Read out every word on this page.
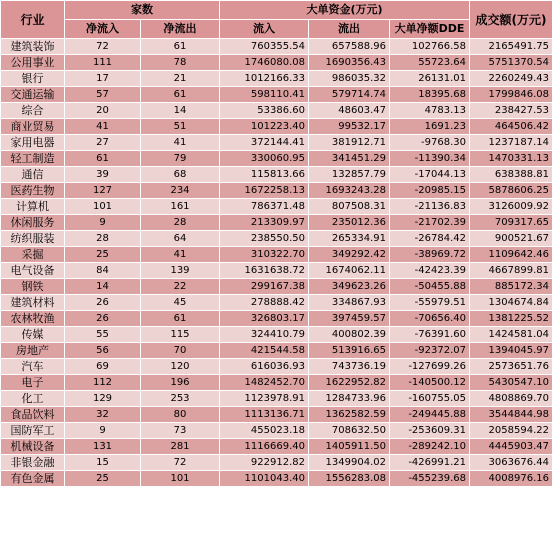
行业	家数		大单资金(万元)			成交额(万元)
	净流入	净流出	流入	流出	大单净额DDE	
建筑装饰	72	61	760355.54	657588.96	102766.58	2165491.75
公用事业	111	78	1746080.08	1690356.43	55723.64	5751370.54
银行	17	21	1012166.33	986035.32	26131.01	2260249.43
交通运输	57	61	598110.41	579714.74	18395.68	1799846.08
综合	20	14	53386.60	48603.47	4783.13	238427.53
商业贸易	41	51	101223.40	99532.17	1691.23	464506.42
家用电器	27	41	372144.41	381912.71	-9768.30	1237187.14
轻工制造	61	79	330060.95	341451.29	-11390.34	1470331.13
通信	39	68	115813.66	132857.79	-17044.13	638388.81
医药生物	127	234	1672258.13	1693243.28	-20985.15	5878606.25
计算机	101	161	786371.48	807508.31	-21136.83	3126009.92
休闲服务	9	28	213309.97	235012.36	-21702.39	709317.65
纺织服装	28	64	238550.50	265334.91	-26784.42	900521.67
采掘	25	41	310322.70	349292.42	-38969.72	1109642.46
电气设备	84	139	1631638.72	1674062.11	-42423.39	4667899.81
钢铁	14	22	299167.38	349623.26	-50455.88	885172.34
建筑材料	26	45	278888.42	334867.93	-55979.51	1304674.84
农林牧渔	26	61	326803.17	397459.57	-70656.40	1381225.52
传媒	55	115	324410.79	400802.39	-76391.60	1424581.04
房地产	56	70	421544.58	513916.65	-92372.07	1394045.97
汽车	69	120	616036.93	743736.19	-127699.26	2573651.76
电子	112	196	1482452.70	1622952.82	-140500.12	5430547.10
化工	129	253	1123978.91	1284733.96	-160755.05	4808869.70
食品饮料	32	80	1113136.71	1362582.59	-249445.88	3544844.98
国防军工	9	73	455023.18	708632.50	-253609.31	2058594.22
机械设备	131	281	1116669.40	1405911.50	-289242.10	4445903.47
非银金融	15	72	922912.82	1349904.02	-426991.21	3063676.44
有色金属	25	101	1101043.40	1556283.08	-455239.68	4008976.16
